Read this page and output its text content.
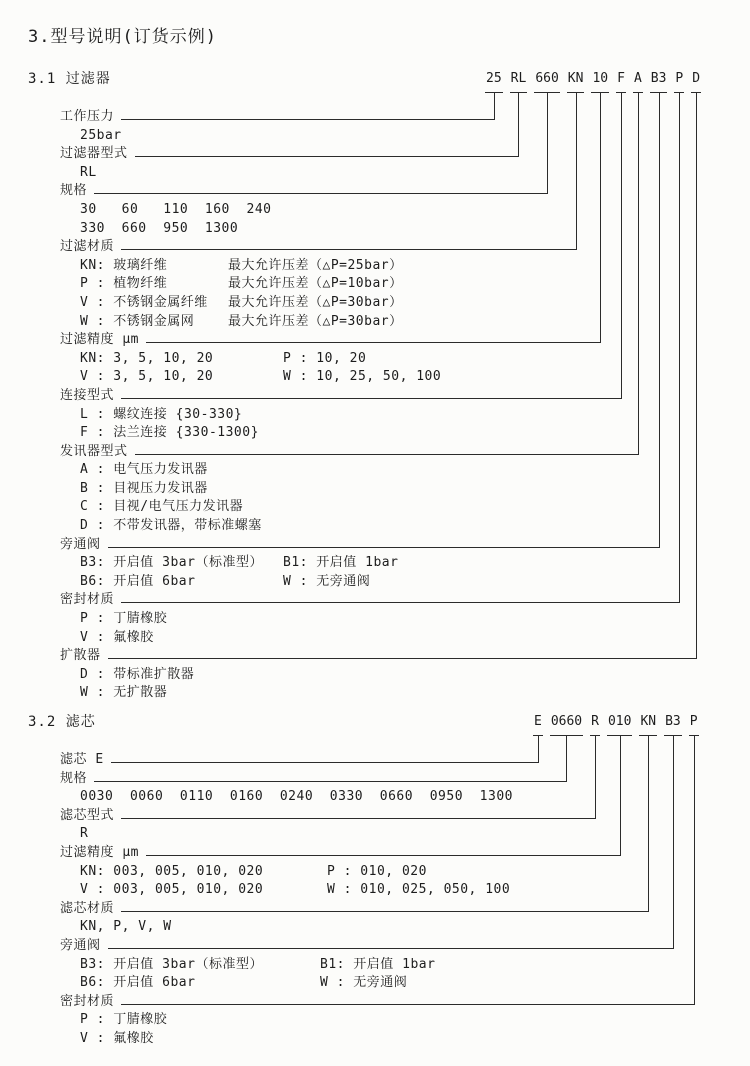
3.型号说明(订货示例)
3.1 过滤器	25 RL 660 KN 10 F A B3 P D
工作压力
25bar
过滤器型式
RL
规格
30   60   110  160  240
330  660  950  1300
过滤材质
KN: 玻璃纤维	最大允许压差（△P=25bar）
P : 植物纤维	最大允许压差（△P=10bar）
V : 不锈钢金属纤维 最大允许压差（△P=30bar）
W : 不锈钢金属网	最大允许压差（△P=30bar）
过滤精度 μm
KN: 3, 5, 10, 20	P : 10, 20
V : 3, 5, 10, 20	W : 10, 25, 50, 100
连接型式
L : 螺纹连接 {30-330}
F : 法兰连接 {330-1300}
发讯器型式
A : 电气压力发讯器
B : 目视压力发讯器
C : 目视/电气压力发讯器
D : 不带发讯器，带标准螺塞
旁通阀
B3: 开启值 3bar（标准型） B1: 开启值 1bar
B6: 开启值 6bar	W : 无旁通阀
密封材质
P : 丁腈橡胶
V : 氟橡胶
扩散器
D : 带标准扩散器
W : 无扩散器
3.2 滤芯	E 0660 R 010 KN B3 P
滤芯 E
规格
0030  0060  0110  0160  0240  0330  0660  0950  1300
滤芯型式
R
过滤精度 μm
KN: 003, 005, 010, 020	P : 010, 020
V : 003, 005, 010, 020	W : 010, 025, 050, 100
滤芯材质
KN, P, V, W
旁通阀
B3: 开启值 3bar（标准型）	B1: 开启值 1bar
B6: 开启值 6bar	W : 无旁通阀
密封材质
P : 丁腈橡胶
V : 氟橡胶
